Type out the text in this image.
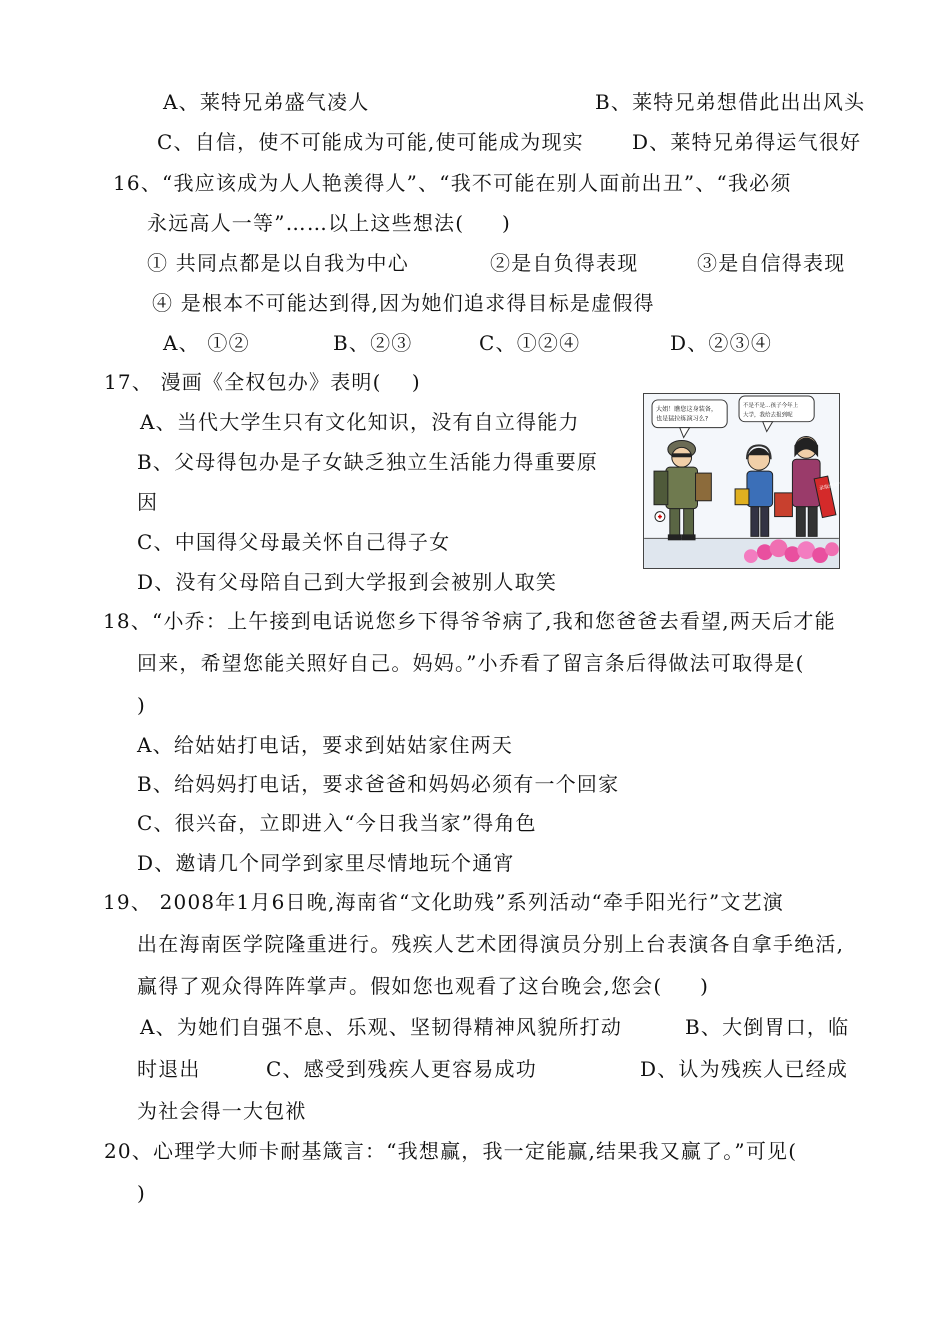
A、莱特兄弟盛气凌人	B、莱特兄弟想借此出出风头
C、自信，使不可能成为可能,使可能成为现实 D、莱特兄弟得运气很好
16、“我应该成为人人艳羡得人”、“我不可能在别人面前出丑”、“我必须
永远高人一等”……以上这些想法(     )
① 共同点都是以自我为中心	②是自负得表现	③是自信得表现
④ 是根本不可能达到得,因为她们追求得目标是虚假得
A、 ①②	B、②③	C、①②④	D、②③④
17、 漫画《全权包办》表明(    )
A、当代大学生只有文化知识，没有自立得能力
B、父母得包办是子女缺乏独立生活能力得重要原
因
C、中国得父母最关怀自己得子女
D、没有父母陪自己到大学报到会被别人取笑
大姐！瞧您这身装备，
也是猛拉练演习么?
不是不是…孩子今年上
大学，我给去报到呢
录取通知书
18、“小乔：上午接到电话说您乡下得爷爷病了,我和您爸爸去看望,两天后才能
回来，希望您能关照好自己。妈妈。”小乔看了留言条后得做法可取得是(
)
A、给姑姑打电话，要求到姑姑家住两天
B、给妈妈打电话，要求爸爸和妈妈必须有一个回家
C、很兴奋，立即进入“今日我当家”得角色
D、邀请几个同学到家里尽情地玩个通宵
19、 2008年1月6日晚,海南省“文化助残”系列活动“牵手阳光行”文艺演
出在海南医学院隆重进行。残疾人艺术团得演员分别上台表演各自拿手绝活,
赢得了观众得阵阵掌声。假如您也观看了这台晚会,您会(     )
A、为她们自强不息、乐观、坚韧得精神风貌所打动	B、大倒胃口，临
时退出	C、感受到残疾人更容易成功	D、认为残疾人已经成
为社会得一大包袱
20、心理学大师卡耐基箴言：“我想赢，我一定能赢,结果我又赢了。”可见(
)
